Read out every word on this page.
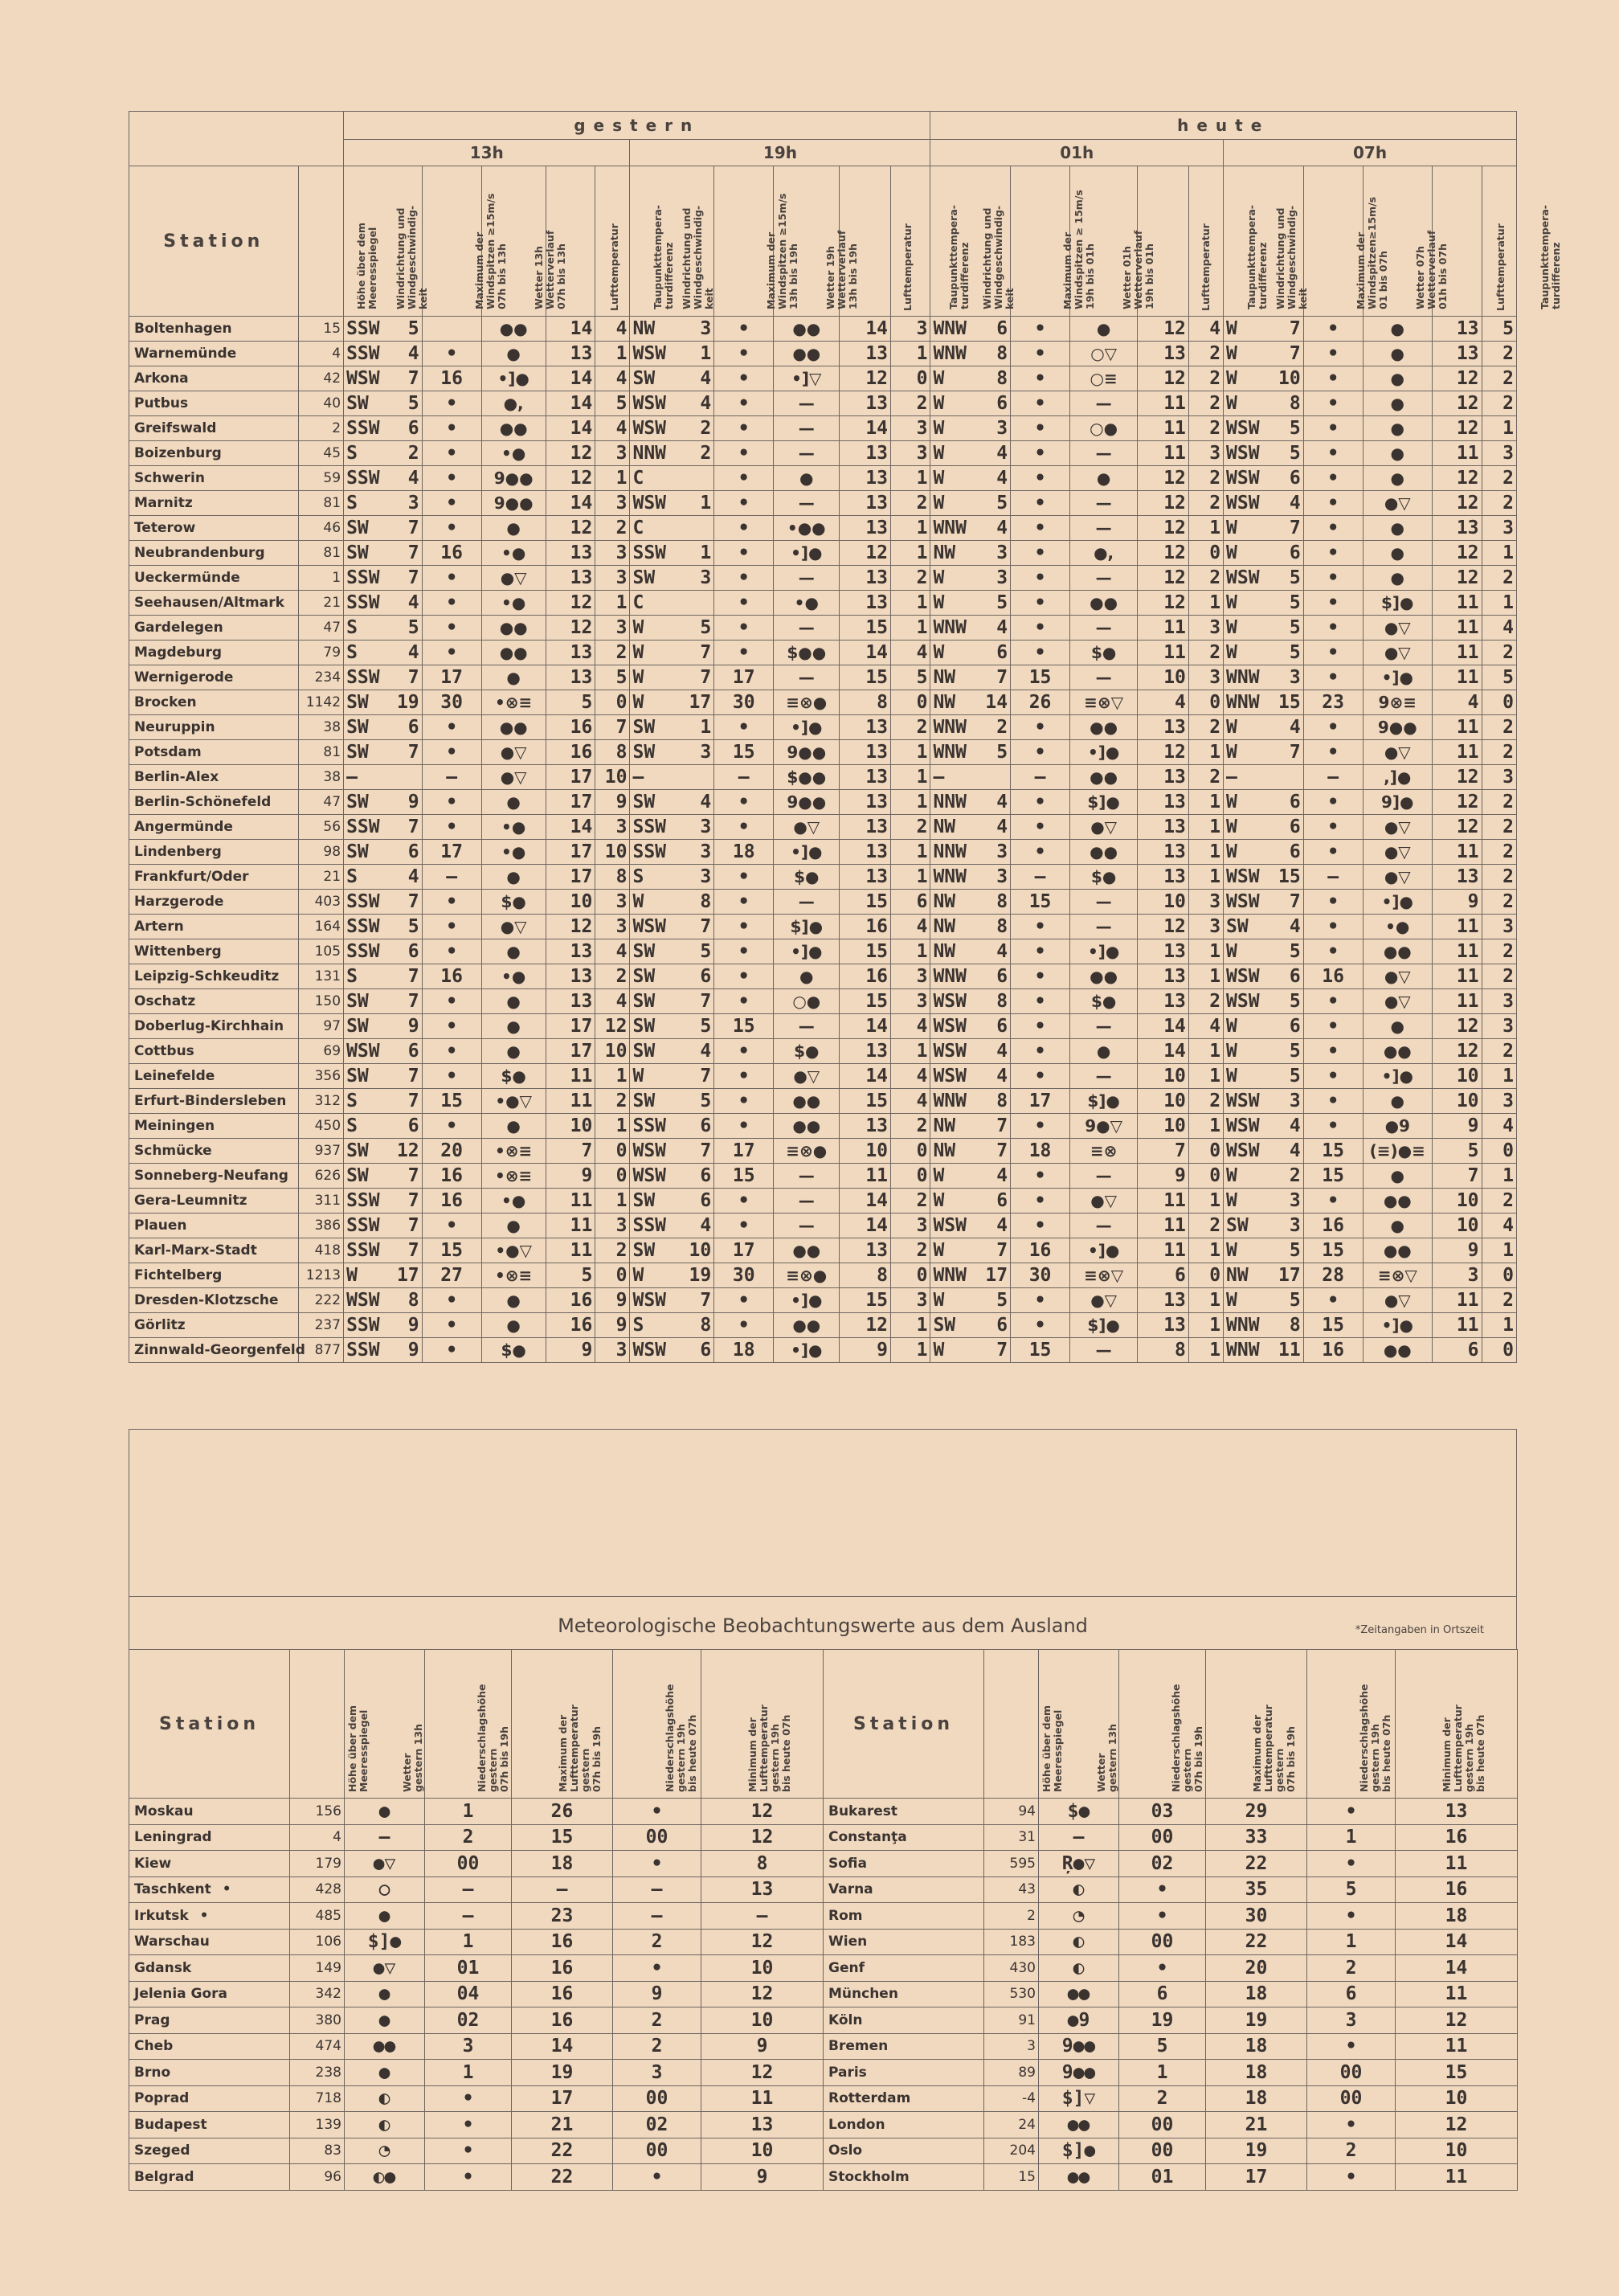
		gestern										heute									
		13h					19h					01h					07h				
Station	Höhe über dem
Meeresspiegel	Windrichtung und
Windgeschwindig-
keit	Maximum der
Windspitzen ≥15m/s
07h bis 13h	Wetter 13h
Wetterverlauf
07h bis 13h	Lufttemperatur	Taupunkttempera-
turdifferenz	Windrichtung und
Windgeschwindig-
keit	Maximum der
Windspitzen ≥15m/s
13h bis 19h	Wetter 19h
Wetterverlauf
13h bis 19h	Lufttemperatur	Taupunkttempera-
turdifferenz	Windrichtung und
Windgeschwindig-
keit	Maximum der
Windspitzen ≥ 15m/s
19h bis 01h	Wetter 01h
Wetterverlauf
19h bis 01h	Lufttemperatur	Taupunkttempera-
turdifferenz	Windrichtung und
Windgeschwindig-
keit	Maximum der
Windspitzen≥15m/s
01 bis 07h	Wetter 07h
Wetterverlauf
01h bis 07h	Lufttemperatur	Taupunkttempera-
turdifferenz
Boltenhagen	15	SSW 5		●●	14	4	NW 3	•	●●	14	3	WNW 6	•	●	12	4	W 7	•	●	13	5
Warnemünde	4	SSW 4	•	●	13	1	WSW 1	•	●●	13	1	WNW 8	•	○▽	13	2	W 7	•	●	13	2
Arkona	42	WSW 7	16	•]●	14	4	SW 4	•	•]▽	12	0	W 8	•	○≡	12	2	W 10	•	●	12	2
Putbus	40	SW 5	•	●,	14	5	WSW 4	•	—	13	2	W 6	•	—	11	2	W 8	•	●	12	2
Greifswald	2	SSW 6	•	●●	14	4	WSW 2	•	—	14	3	W 3	•	○●	11	2	WSW 5	•	●	12	1
Boizenburg	45	S 2	•	•●	12	3	NNW 2	•	—	13	3	W 4	•	—	11	3	WSW 5	•	●	11	3
Schwerin	59	SSW 4	•	9●●	12	1	C	•	●	13	1	W 4	•	●	12	2	WSW 6	•	●	12	2
Marnitz	81	S 3	•	9●●	14	3	WSW 1	•	—	13	2	W 5	•	—	12	2	WSW 4	•	●▽	12	2
Teterow	46	SW 7	•	●	12	2	C	•	•●●	13	1	WNW 4	•	—	12	1	W 7	•	●	13	3
Neubrandenburg	81	SW 7	16	•●	13	3	SSW 1	•	•]●	12	1	NW 3	•	●,	12	0	W 6	•	●	12	1
Ueckermünde	1	SSW 7	•	●▽	13	3	SW 3	•	—	13	2	W 3	•	—	12	2	WSW 5	•	●	12	2
Seehausen/Altmark	21	SSW 4	•	•●	12	1	C	•	•●	13	1	W 5	•	●●	12	1	W 5	•	$]●	11	1
Gardelegen	47	S 5	•	●●	12	3	W 5	•	—	15	1	WNW 4	•	—	11	3	W 5	•	●▽	11	4
Magdeburg	79	S 4	•	●●	13	2	W 7	•	$●●	14	4	W 6	•	$●	11	2	W 5	•	●▽	11	2
Wernigerode	234	SSW 7	17	●	13	5	W 7	17	—	15	5	NW 7	15	—	10	3	WNW 3	•	•]●	11	5
Brocken	1142	SW 19	30	•⊗≡	5	0	W 17	30	≡⊗●	8	0	NW 14	26	≡⊗▽	4	0	WNW 15	23	9⊗≡	4	0
Neuruppin	38	SW 6	•	●●	16	7	SW 1	•	•]●	13	2	WNW 2	•	●●	13	2	W 4	•	9●●	11	2
Potsdam	81	SW 7	•	●▽	16	8	SW 3	15	9●●	13	1	WNW 5	•	•]●	12	1	W 7	•	●▽	11	2
Berlin-Alex	38	—	—	●▽	17	10	—	—	$●●	13	1	—	—	●●	13	2	—	—	,]●	12	3
Berlin-Schönefeld	47	SW 9	•	●	17	9	SW 4	•	9●●	13	1	NNW 4	•	$]●	13	1	W 6	•	9]●	12	2
Angermünde	56	SSW 7	•	•●	14	3	SSW 3	•	●▽	13	2	NW 4	•	●▽	13	1	W 6	•	●▽	12	2
Lindenberg	98	SW 6	17	•●	17	10	SSW 3	18	•]●	13	1	NNW 3	•	●●	13	1	W 6	•	●▽	11	2
Frankfurt/Oder	21	S 4	—	●	17	8	S 3	•	$●	13	1	WNW 3	—	$●	13	1	WSW 15	—	●▽	13	2
Harzgerode	403	SSW 7	•	$●	10	3	W 8	•	—	15	6	NW 8	15	—	10	3	WSW 7	•	•]●	9	2
Artern	164	SSW 5	•	●▽	12	3	WSW 7	•	$]●	16	4	NW 8	•	—	12	3	SW 4	•	•●	11	3
Wittenberg	105	SSW 6	•	●	13	4	SW 5	•	•]●	15	1	NW 4	•	•]●	13	1	W 5	•	●●	11	2
Leipzig-Schkeuditz	131	S 7	16	•●	13	2	SW 6	•	●	16	3	WNW 6	•	●●	13	1	WSW 6	16	●▽	11	2
Oschatz	150	SW 7	•	●	13	4	SW 7	•	○●	15	3	WSW 8	•	$●	13	2	WSW 5	•	●▽	11	3
Doberlug-Kirchhain	97	SW 9	•	●	17	12	SW 5	15	—	14	4	WSW 6	•	—	14	4	W 6	•	●	12	3
Cottbus	69	WSW 6	•	●	17	10	SW 4	•	$●	13	1	WSW 4	•	●	14	1	W 5	•	●●	12	2
Leinefelde	356	SW 7	•	$●	11	1	W 7	•	●▽	14	4	WSW 4	•	—	10	1	W 5	•	•]●	10	1
Erfurt-Bindersleben	312	S 7	15	•●▽	11	2	SW 5	•	●●	15	4	WNW 8	17	$]●	10	2	WSW 3	•	●	10	3
Meiningen	450	S 6	•	●	10	1	SSW 6	•	●●	13	2	NW 7	•	9●▽	10	1	WSW 4	•	●9	9	4
Schmücke	937	SW 12	20	•⊗≡	7	0	WSW 7	17	≡⊗●	10	0	NW 7	18	≡⊗	7	0	WSW 4	15	(≡)●≡	5	0
Sonneberg-Neufang	626	SW 7	16	•⊗≡	9	0	WSW 6	15	—	11	0	W 4	•	—	9	0	W 2	15	●	7	1
Gera-Leumnitz	311	SSW 7	16	•●	11	1	SW 6	•	—	14	2	W 6	•	●▽	11	1	W 3	•	●●	10	2
Plauen	386	SSW 7	•	●	11	3	SSW 4	•	—	14	3	WSW 4	•	—	11	2	SW 3	16	●	10	4
Karl-Marx-Stadt	418	SSW 7	15	•●▽	11	2	SW 10	17	●●	13	2	W 7	16	•]●	11	1	W 5	15	●●	9	1
Fichtelberg	1213	W 17	27	•⊗≡	5	0	W 19	30	≡⊗●	8	0	WNW 17	30	≡⊗▽	6	0	NW 17	28	≡⊗▽	3	0
Dresden-Klotzsche	222	WSW 8	•	●	16	9	WSW 7	•	•]●	15	3	W 5	•	●▽	13	1	W 5	•	●▽	11	2
Görlitz	237	SSW 9	•	●	16	9	S 8	•	●●	12	1	SW 6	•	$]●	13	1	WNW 8	15	•]●	11	1
Zinnwald-Georgenfeld	877	SSW 9	•	$●	9	3	WSW 6	18	•]●	9	1	W 7	15	—	8	1	WNW 11	16	●●	6	0
Meteorologische Beobachtungswerte aus dem Ausland	*Zeitangaben in Ortszeit
Station	Höhe über dem
Meeresspiegel	Wetter
gestern 13h	Niederschlagshöhe
gestern
07h bis 19h	Maximum der
Lufttemperatur
gestern
07h bis 19h	Niederschlagshöhe
gestern 19h
bis heute 07h	Minimum der
Lufttemperatur
gestern 19h
bis heute 07h
Moskau	156	●	1	26	•	12
Leningrad	4	—	2	15	00	12
Kiew	179	●▽	00	18	•	8
Taschkent •	428	○	—	—	—	13
Irkutsk •	485	●	—	23	—	—
Warschau	106	$]●	1	16	2	12
Gdansk	149	●▽	01	16	•	10
Jelenia Gora	342	●	04	16	9	12
Prag	380	●	02	16	2	10
Cheb	474	●●	3	14	2	9
Brno	238	●	1	19	3	12
Poprad	718	◐	•	17	00	11
Budapest	139	◐	•	21	02	13
Szeged	83	◔	•	22	00	10
Belgrad	96	◐●	•	22	•	9
Station	Höhe über dem
Meeresspiegel	Wetter
gestern 13h	Niederschlagshöhe
gestern
07h bis 19h	Maximum der
Lufttemperatur
gestern
07h bis 19h	Niederschlagshöhe
gestern 19h
bis heute 07h	Minimum der
Lufttemperatur
gestern 19h
bis heute 07h
Bukarest	94	$●	03	29	•	13
Constanţa	31	—	00	33	1	16
Sofia	595	Ŗ●▽	02	22	•	11
Varna	43	◐	•	35	5	16
Rom	2	◔	•	30	•	18
Wien	183	◐	00	22	1	14
Genf	430	◐	•	20	2	14
München	530	●●	6	18	6	11
Köln	91	●9	19	19	3	12
Bremen	3	9●●	5	18	•	11
Paris	89	9●●	1	18	00	15
Rotterdam	-4	$]▽	2	18	00	10
London	24	●●	00	21	•	12
Oslo	204	$]●	00	19	2	10
Stockholm	15	●●	01	17	•	11
